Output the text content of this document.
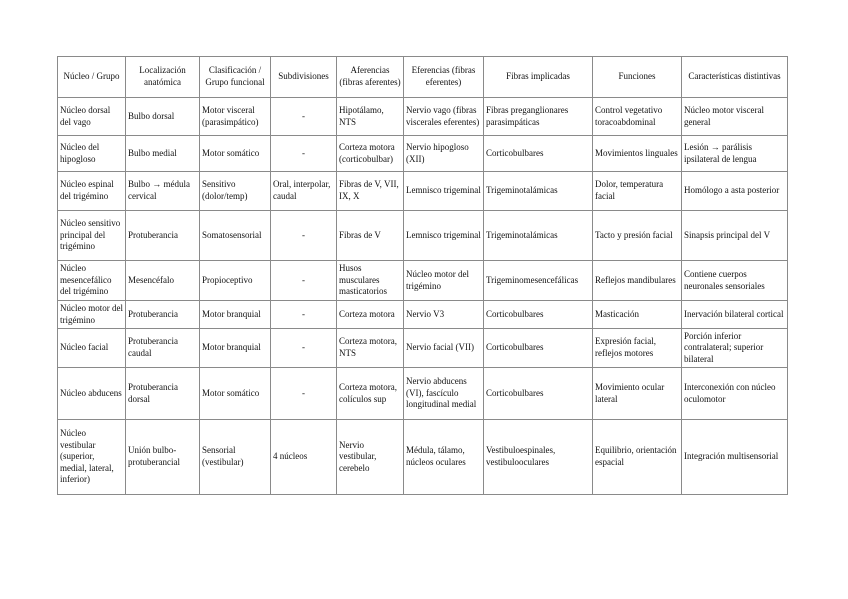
Núcleo / Grupo	Localización anatómica	Clasificación / Grupo funcional	Subdivisiones	Aferencias (fibras aferentes)	Eferencias (fibras eferentes)	Fibras implicadas	Funciones	Características distintivas
Núcleo dorsal del vago	Bulbo dorsal	Motor visceral (parasimpático)	-	Hipotálamo, NTS	Nervio vago (fibras viscerales eferentes)	Fibras preganglionares parasimpáticas	Control vegetativo toracoabdominal	Núcleo motor visceral general
Núcleo del hipogloso	Bulbo medial	Motor somático	-	Corteza motora (corticobulbar)	Nervio hipogloso (XII)	Corticobulbares	Movimientos linguales	Lesión → parálisis ipsilateral de lengua
Núcleo espinal del trigémino	Bulbo → médula cervical	Sensitivo (dolor/temp)	Oral, interpolar, caudal	Fibras de V, VII, IX, X	Lemnisco trigeminal	Trigeminotalámicas	Dolor, temperatura facial	Homólogo a asta posterior
Núcleo sensitivo principal del trigémino	Protuberancia	Somatosensorial	-	Fibras de V	Lemnisco trigeminal	Trigeminotalámicas	Tacto y presión facial	Sinapsis principal del V
Núcleo mesencefálico del trigémino	Mesencéfalo	Propioceptivo	-	Husos musculares masticatorios	Núcleo motor del trigémino	Trigeminomesencefálicas	Reflejos mandibulares	Contiene cuerpos neuronales sensoriales
Núcleo motor del trigémino	Protuberancia	Motor branquial	-	Corteza motora	Nervio V3	Corticobulbares	Masticación	Inervación bilateral cortical
Núcleo facial	Protuberancia caudal	Motor branquial	-	Corteza motora, NTS	Nervio facial (VII)	Corticobulbares	Expresión facial, reflejos motores	Porción inferior contralateral; superior bilateral
Núcleo abducens	Protuberancia dorsal	Motor somático	-	Corteza motora, colículos sup	Nervio abducens (VI), fascículo longitudinal medial	Corticobulbares	Movimiento ocular lateral	Interconexión con núcleo oculomotor
Núcleo vestibular (superior, medial, lateral, inferior)	Unión bulbo-protuberancial	Sensorial (vestibular)	4 núcleos	Nervio vestibular, cerebelo	Médula, tálamo, núcleos oculares	Vestibuloespinales, vestibulooculares	Equilibrio, orientación espacial	Integración multisensorial
